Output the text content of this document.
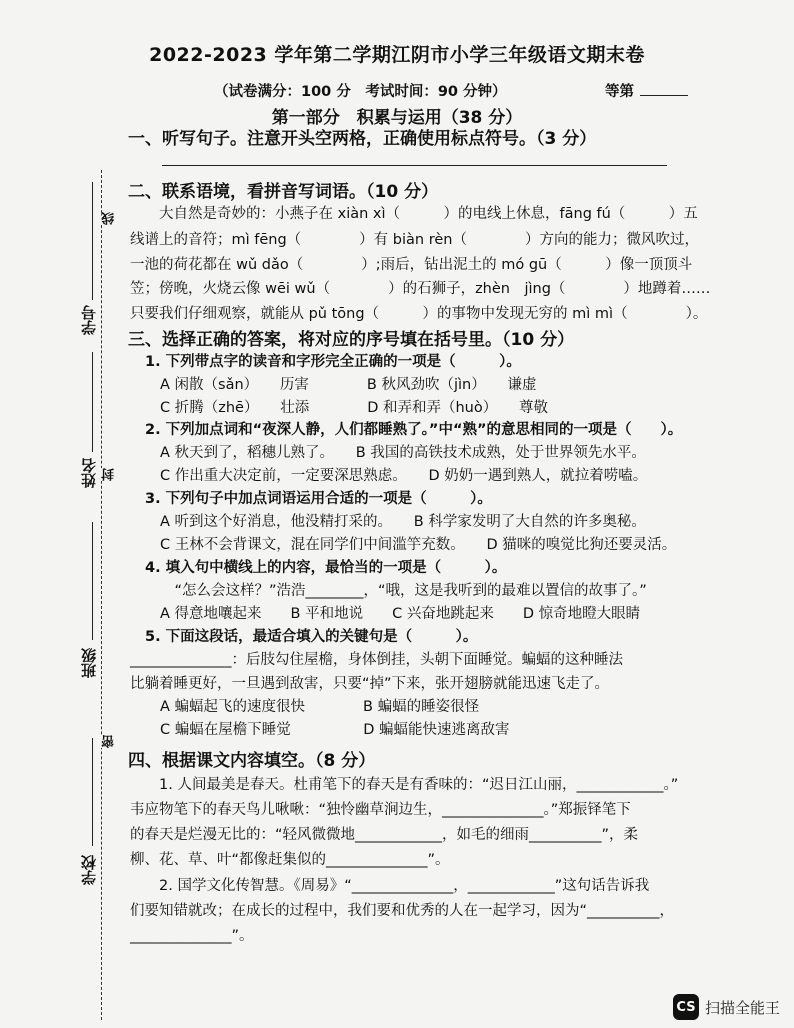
学号
姓名
班级
学校
线
封
密
2022-2023 学年第二学期江阴市小学三年级语文期末卷
（试卷满分：100 分　考试时间：90 分钟）	等第
第一部分　积累与运用（38 分）
一、听写句子。注意开头空两格，正确使用标点符号。（3 分）
二、联系语境，看拼音写词语。（10 分）
　　大自然是奇妙的：小燕子在 xiàn xì（　　　）的电线上休息，fāng fú（　　　）五
线谱上的音符；mì fēng（　　　　）有 biàn rèn（　　　　）方向的能力；微风吹过，
一池的荷花都在 wǔ dǎo（　　　　）;雨后，钻出泥土的 mó gū（　　　）像一顶顶斗
笠；傍晚，火烧云像 wēi wǔ（　　　　）的石狮子，zhèn　jìng（　　　　）地蹲着……
只要我们仔细观察，就能从 pǔ tōng（　　　）的事物中发现无穷的 mì mì（　　　　）。
三、选择正确的答案，将对应的序号填在括号里。（10 分）
1. 下列带点字的读音和字形完全正确的一项是（　　　）。
A 闲散（sǎn）　　历害　　　　B 秋风劲吹（jìn）　　谦虚
C 折腾（zhē）　　壮添　　　　D 和弄和弄（huò）　　尊敬
2. 下列加点词和“夜深人静，人们都睡熟了。”中“熟”的意思相同的一项是（　　）。
A 秋天到了，稻穗儿熟了。　　B 我国的高铁技术成熟，处于世界领先水平。
C 作出重大决定前，一定要深思熟虑。　　D 奶奶一遇到熟人，就拉着唠嗑。
3. 下列句子中加点词语运用合适的一项是（　　　）。
A 听到这个好消息，他没精打采的。　　B 科学家发明了大自然的许多奥秘。
C 王林不会背课文，混在同学们中间滥竽充数。　　D 猫咪的嗅觉比狗还要灵活。
4. 填入句中横线上的内容，最恰当的一项是（　　　）。
　“怎么会这样？”浩浩________，“哦，这是我听到的最难以置信的故事了。”
A 得意地嚷起来　　B 平和地说　　C 兴奋地跳起来　　D 惊奇地瞪大眼睛
5. 下面这段话，最适合填入的关键句是（　　　）。
______________：后肢勾住屋檐，身体倒挂，头朝下面睡觉。蝙蝠的这种睡法
比躺着睡更好，一旦遇到敌害，只要“掉”下来，张开翅膀就能迅速飞走了。
A 蝙蝠起飞的速度很快　　　　B 蝙蝠的睡姿很怪
C 蝙蝠在屋檐下睡觉　　　　　D 蝙蝠能快速逃离敌害
四、根据课文内容填空。（8 分）
　　1. 人间最美是春天。杜甫笔下的春天是有香味的：“迟日江山丽，____________。”
韦应物笔下的春天鸟儿啾啾：“独怜幽草涧边生，______________。”郑振铎笔下
的春天是烂漫无比的：“轻风微微地____________，如毛的细雨__________”，柔
柳、花、草、叶“都像赶集似的______________”。
　　2. 国学文化传智慧。《周易》“______________，____________”这句话告诉我
们要知错就改；在成长的过程中，我们要和优秀的人在一起学习，因为“__________，
______________”。
CS 扫描全能王
